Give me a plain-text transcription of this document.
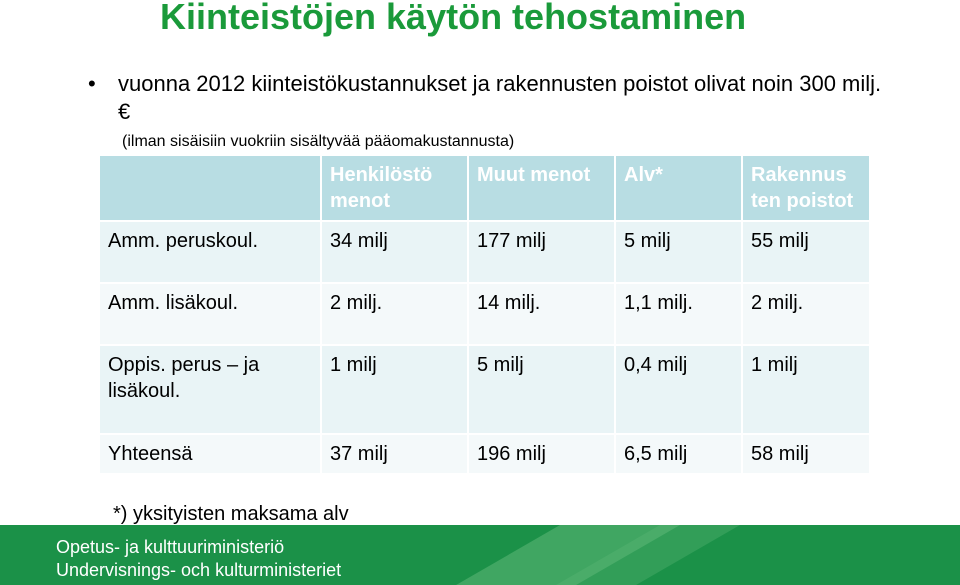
Kiinteistöjen käytön tehostaminen
• vuonna 2012 kiinteistökustannukset ja rakennusten poistot olivat noin 300 milj. €
(ilman sisäisiin vuokriin sisältyvää pääomakustannusta)
	Henkilöstö menot	Muut menot	Alv*	Rakennus ten poistot
Amm. peruskoul.	34 milj	177 milj	5 milj	55 milj
Amm. lisäkoul.	2 milj.	14 milj.	1,1 milj.	2 milj.
Oppis. perus – ja lisäkoul.	1 milj	5 milj	0,4 milj	1 milj
Yhteensä	37 milj	196 milj	6,5 milj	58 milj
*) yksityisten maksama alv
Opetus- ja kulttuuriministeriö
Undervisnings- och kulturministeriet
